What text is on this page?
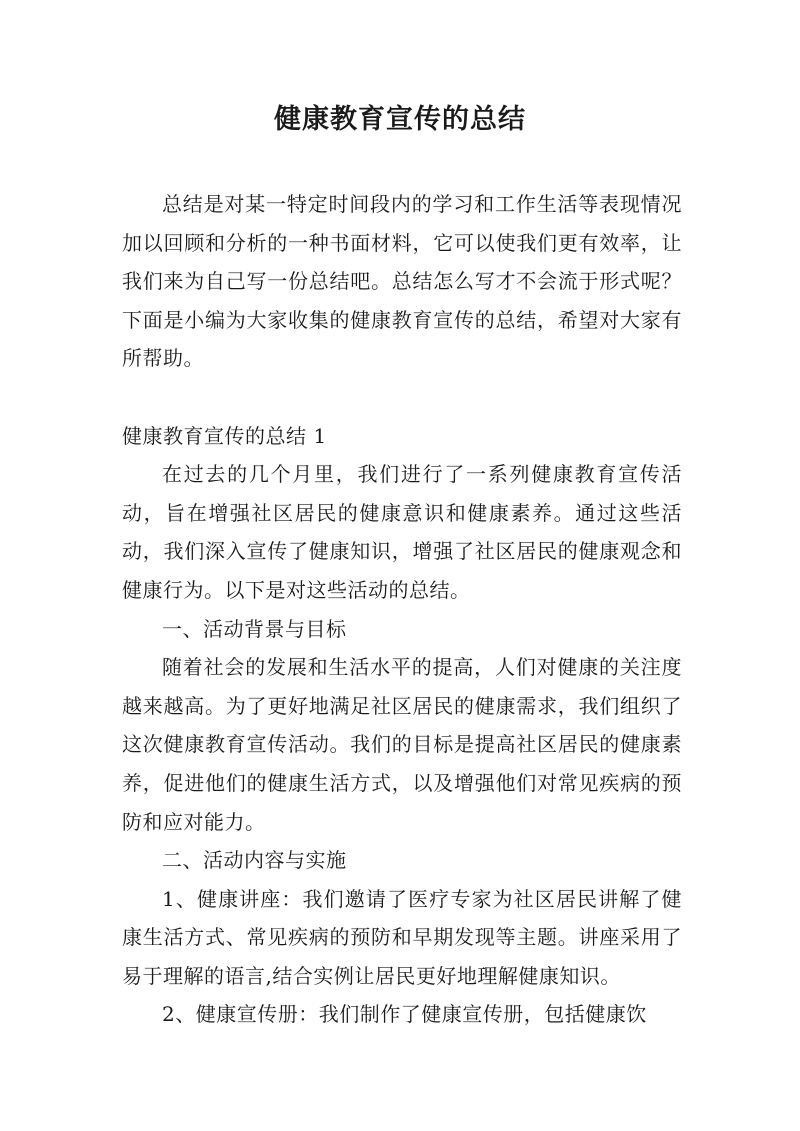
健康教育宣传的总结

总结是对某一特定时间段内的学习和工作生活等表现情况加以回顾和分析的一种书面材料，它可以使我们更有效率，让我们来为自己写一份总结吧。总结怎么写才不会流于形式呢？下面是小编为大家收集的健康教育宣传的总结，希望对大家有所帮助。

健康教育宣传的总结 1

在过去的几个月里，我们进行了一系列健康教育宣传活动，旨在增强社区居民的健康意识和健康素养。通过这些活动，我们深入宣传了健康知识，增强了社区居民的健康观念和健康行为。以下是对这些活动的总结。

一、活动背景与目标

随着社会的发展和生活水平的提高，人们对健康的关注度越来越高。为了更好地满足社区居民的健康需求，我们组织了这次健康教育宣传活动。我们的目标是提高社区居民的健康素养，促进他们的健康生活方式，以及增强他们对常见疾病的预防和应对能力。

二、活动内容与实施

1、健康讲座：我们邀请了医疗专家为社区居民讲解了健康生活方式、常见疾病的预防和早期发现等主题。讲座采用了易于理解的语言,结合实例让居民更好地理解健康知识。

2、健康宣传册：我们制作了健康宣传册，包括健康饮
